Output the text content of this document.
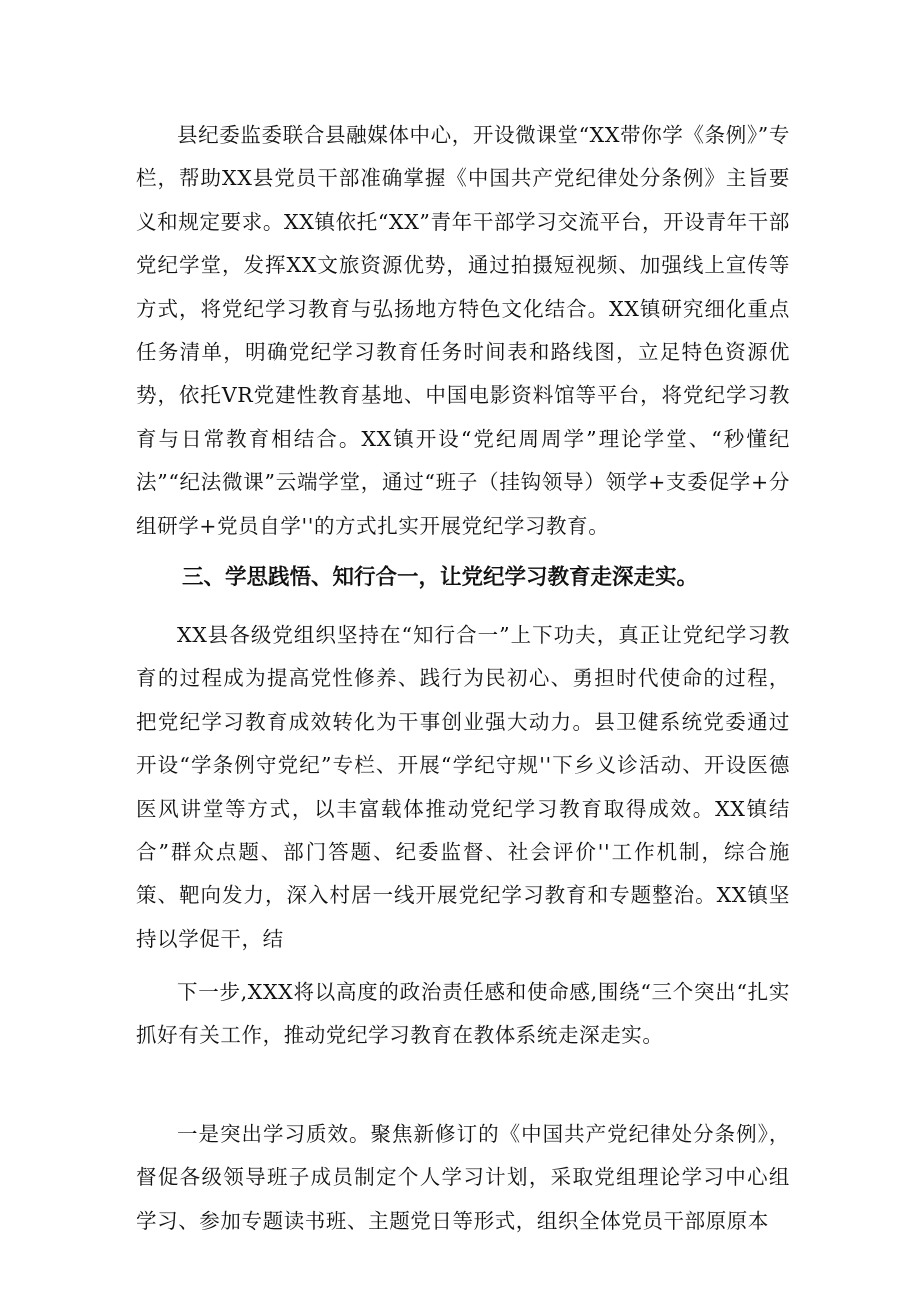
县纪委监委联合县融媒体中心，开设微课堂“XX带你学《条例》”专栏，帮助XX县党员干部准确掌握《中国共产党纪律处分条例》主旨要义和规定要求。XX镇依托“XX”青年干部学习交流平台，开设青年干部党纪学堂，发挥XX文旅资源优势，通过拍摄短视频、加强线上宣传等方式，将党纪学习教育与弘扬地方特色文化结合。XX镇研究细化重点任务清单，明确党纪学习教育任务时间表和路线图，立足特色资源优势，依托VR党建性教育基地、中国电影资料馆等平台，将党纪学习教育与日常教育相结合。XX镇开设“党纪周周学”理论学堂、“秒懂纪法”“纪法微课”云端学堂，通过“班子（挂钩领导）领学+支委促学+分组研学+党员自学''的方式扎实开展党纪学习教育。

三、学思践悟、知行合一，让党纪学习教育走深走实。

XX县各级党组织坚持在“知行合一”上下功夫，真正让党纪学习教育的过程成为提高党性修养、践行为民初心、勇担时代使命的过程，把党纪学习教育成效转化为干事创业强大动力。县卫健系统党委通过开设“学条例守党纪”专栏、开展“学纪守规''下乡义诊活动、开设医德医风讲堂等方式，以丰富载体推动党纪学习教育取得成效。XX镇结合”群众点题、部门答题、纪委监督、社会评价''工作机制，综合施策、靶向发力，深入村居一线开展党纪学习教育和专题整治。XX镇坚持以学促干，结

下一步,XXX将以高度的政治责任感和使命感,围绕“三个突出“扎实抓好有关工作，推动党纪学习教育在教体系统走深走实。

一是突出学习质效。聚焦新修订的《中国共产党纪律处分条例》，督促各级领导班子成员制定个人学习计划，采取党组理论学习中心组学习、参加专题读书班、主题党日等形式，组织全体党员干部原原本
